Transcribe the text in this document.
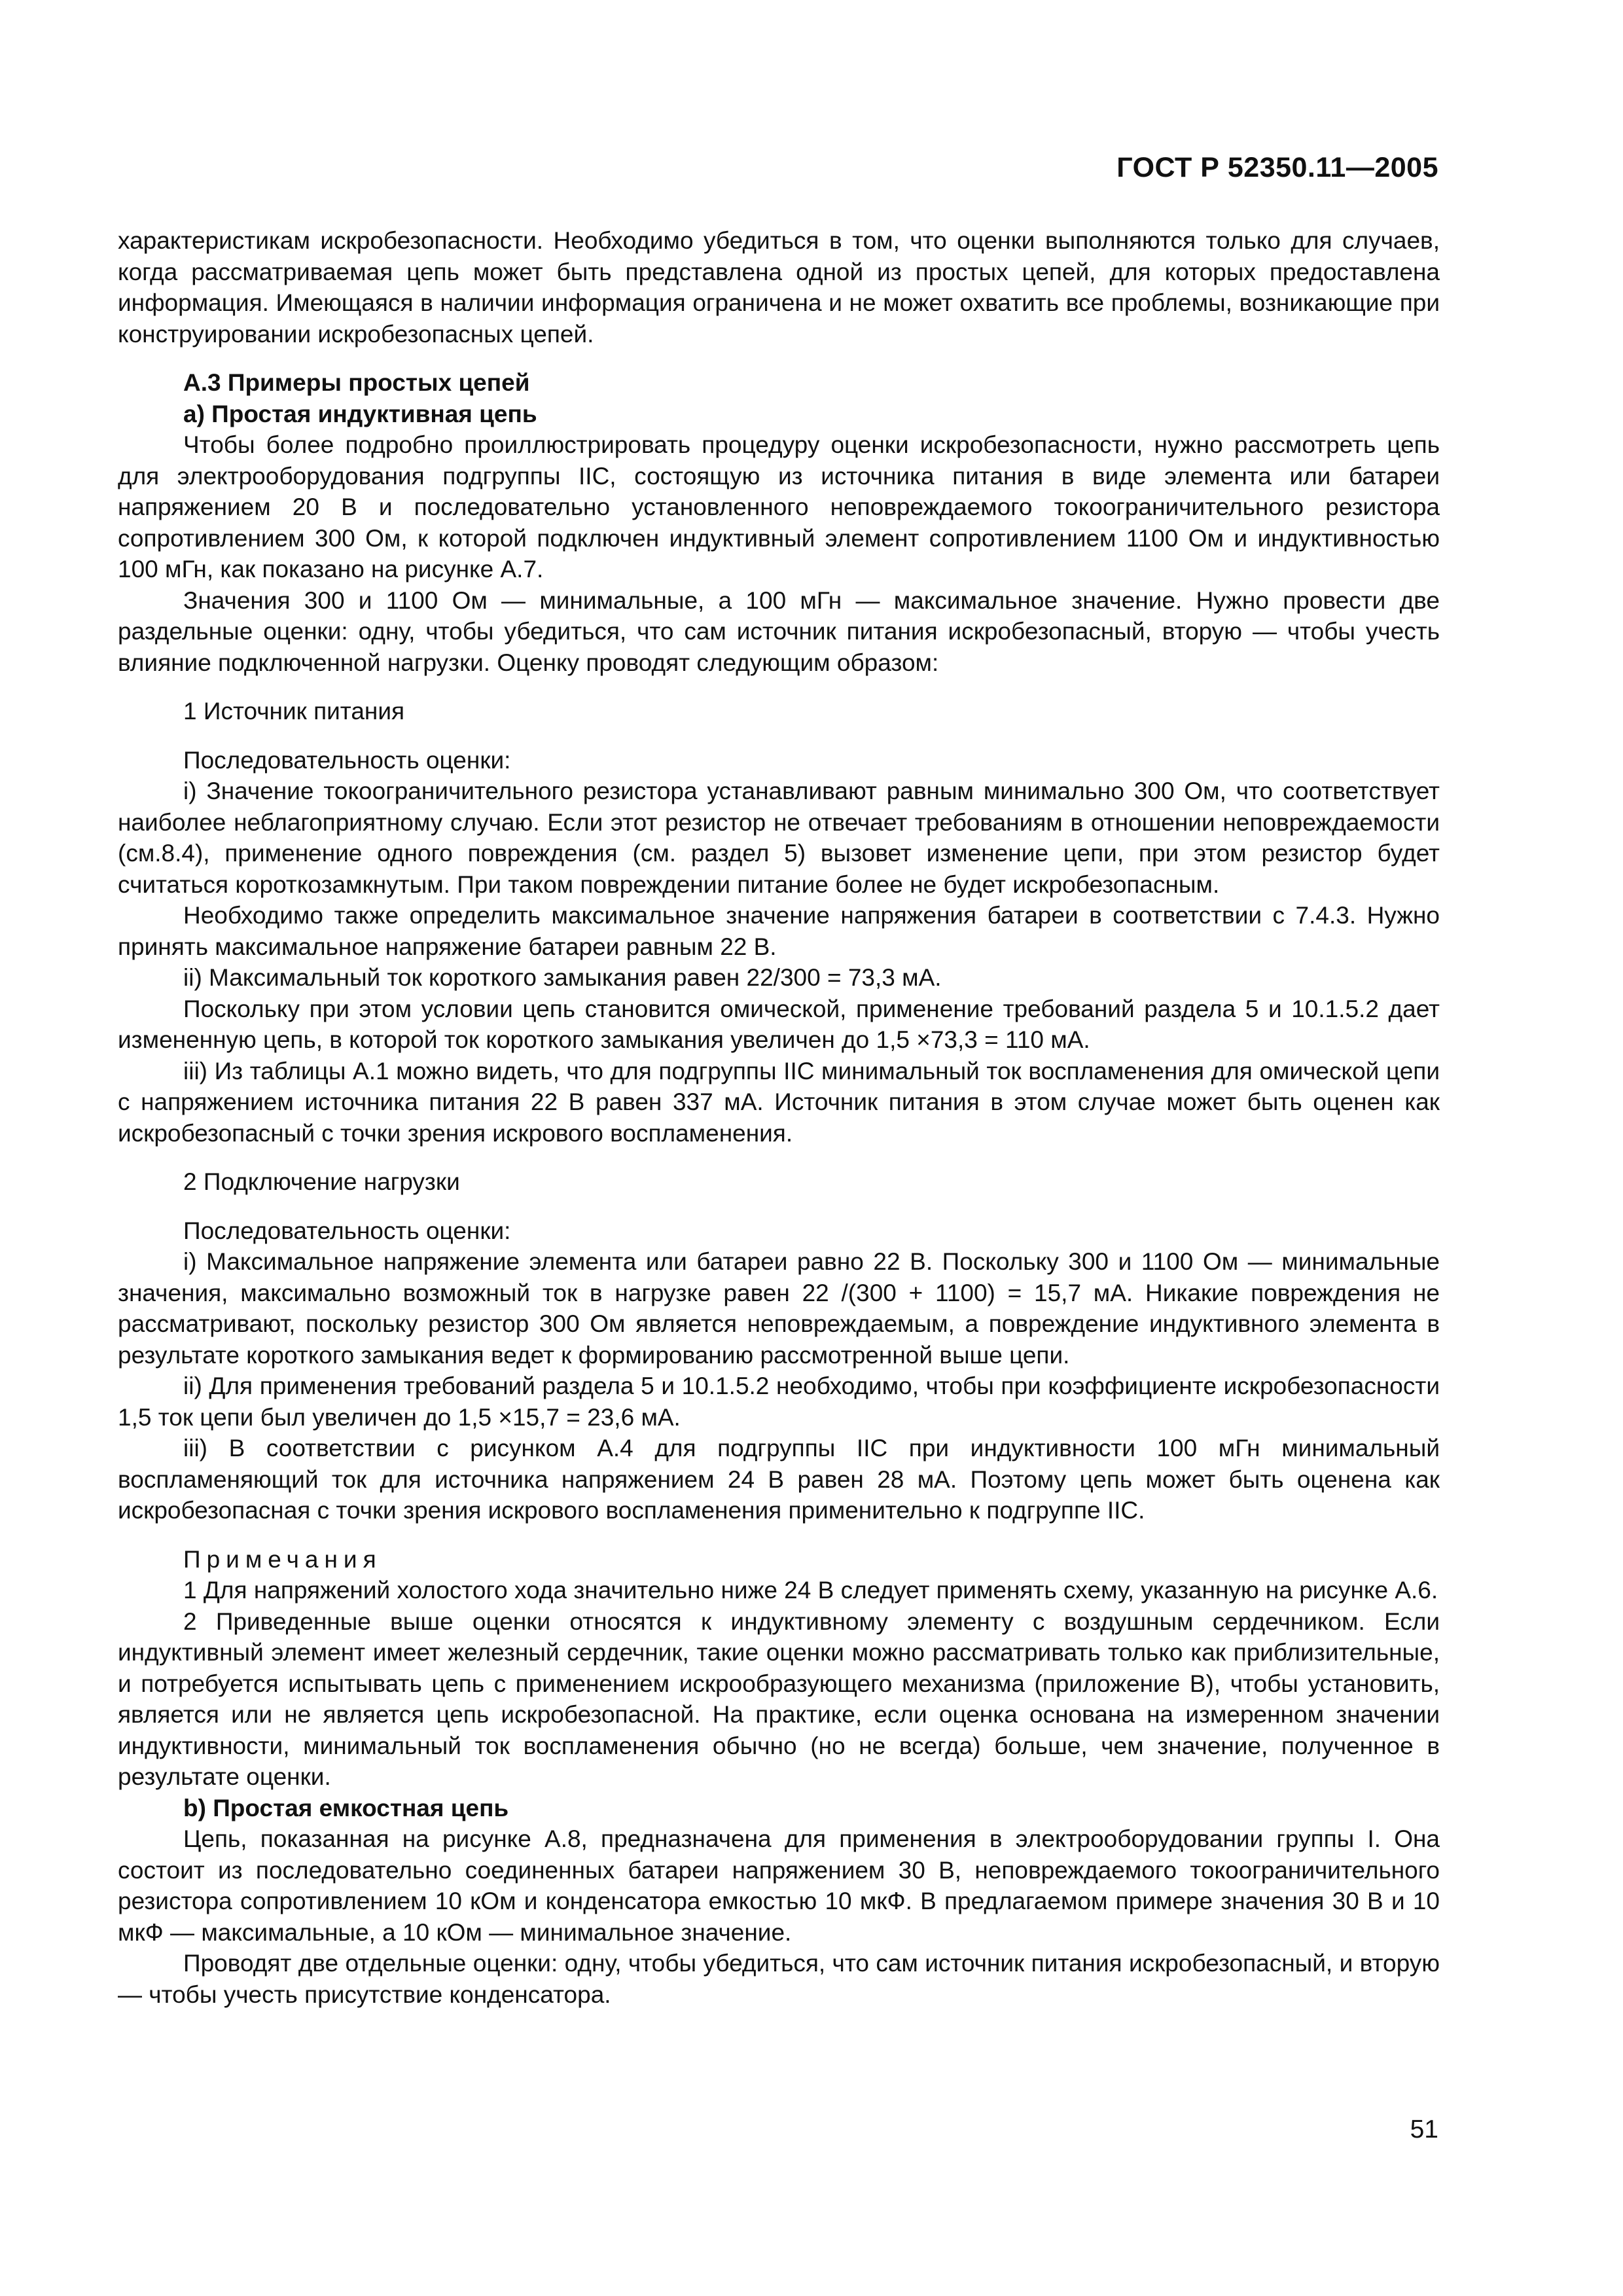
ГОСТ Р 52350.11—2005

характеристикам искробезопасности. Необходимо убедиться в том, что оценки выполняются только для случаев, когда рассматриваемая цепь может быть представлена одной из простых цепей, для которых предоставлена информация. Имеющаяся в наличии информация ограничена и не может охватить все проблемы, возникающие при конструировании искробезопасных цепей.

А.3 Примеры простых цепей

а) Простая индуктивная цепь

Чтобы более подробно проиллюстрировать процедуру оценки искробезопасности, нужно рассмотреть цепь для электрооборудования подгруппы IIC, состоящую из источника питания в виде элемента или батареи напряжением 20 В и последовательно установленного неповреждаемого токоограничительного резистора сопротивлением 300 Ом, к которой подключен индуктивный элемент сопротивлением 1100 Ом и индуктивностью 100 мГн, как показано на рисунке А.7.

Значения 300 и 1100 Ом — минимальные, а 100 мГн — максимальное значение. Нужно провести две раздельные оценки: одну, чтобы убедиться, что сам источник питания искробезопасный, вторую — чтобы учесть влияние подключенной нагрузки. Оценку проводят следующим образом:

1 Источник питания

Последовательность оценки:

i) Значение токоограничительного резистора устанавливают равным минимально 300 Ом, что соответствует наиболее неблагоприятному случаю. Если этот резистор не отвечает требованиям в отношении неповреждаемости (см.8.4), применение одного повреждения (см. раздел 5) вызовет изменение цепи, при этом резистор будет считаться короткозамкнутым. При таком повреждении питание более не будет искробезопасным.

Необходимо также определить максимальное значение напряжения батареи в соответствии с 7.4.3. Нужно принять максимальное напряжение батареи равным 22 В.

ii) Максимальный ток короткого замыкания равен 22/300 = 73,3 мА.

Поскольку при этом условии цепь становится омической, применение требований раздела 5 и 10.1.5.2 дает измененную цепь, в которой ток короткого замыкания увеличен до 1,5 ×73,3 = 110 мА.

iii) Из таблицы А.1 можно видеть, что для подгруппы IIC минимальный ток воспламенения для омической цепи с напряжением источника питания 22 В равен 337 мА. Источник питания в этом случае может быть оценен как искробезопасный с точки зрения искрового воспламенения.

2 Подключение нагрузки

Последовательность оценки:

i) Максимальное напряжение элемента или батареи равно 22 В. Поскольку 300 и 1100 Ом — минимальные значения, максимально возможный ток в нагрузке равен 22 /(300 + 1100) = 15,7 мА. Никакие повреждения не рассматривают, поскольку резистор 300 Ом является неповреждаемым, а повреждение индуктивного элемента в результате короткого замыкания ведет к формированию рассмотренной выше цепи.

ii) Для применения требований раздела 5 и 10.1.5.2 необходимо, чтобы при коэффициенте искробезопасности 1,5 ток цепи был увеличен до 1,5 ×15,7 = 23,6 мА.

iii) В соответствии с рисунком А.4 для подгруппы IIC при индуктивности 100 мГн минимальный воспламеняющий ток для источника напряжением 24 В равен 28 мА. Поэтому цепь может быть оценена как искробезопасная с точки зрения искрового воспламенения применительно к подгруппе IIC.

Примечания

1 Для напряжений холостого хода значительно ниже 24 В следует применять схему, указанную на рисунке А.6.

2 Приведенные выше оценки относятся к индуктивному элементу с воздушным сердечником. Если индуктивный элемент имеет железный сердечник, такие оценки можно рассматривать только как приблизительные, и потребуется испытывать цепь с применением искрообразующего механизма (приложение В), чтобы установить, является или не является цепь искробезопасной. На практике, если оценка основана на измеренном значении индуктивности, минимальный ток воспламенения обычно (но не всегда) больше, чем значение, полученное в результате оценки.

b) Простая емкостная цепь

Цепь, показанная на рисунке А.8, предназначена для применения в электрооборудовании группы I. Она состоит из последовательно соединенных батареи напряжением 30 В, неповреждаемого токоограничительного резистора сопротивлением 10 кОм и конденсатора емкостью 10 мкФ. В предлагаемом примере значения 30 В и 10 мкФ — максимальные, а 10 кОм — минимальное значение.

Проводят две отдельные оценки: одну, чтобы убедиться, что сам источник питания искробезопасный, и вторую — чтобы учесть присутствие конденсатора.

51
